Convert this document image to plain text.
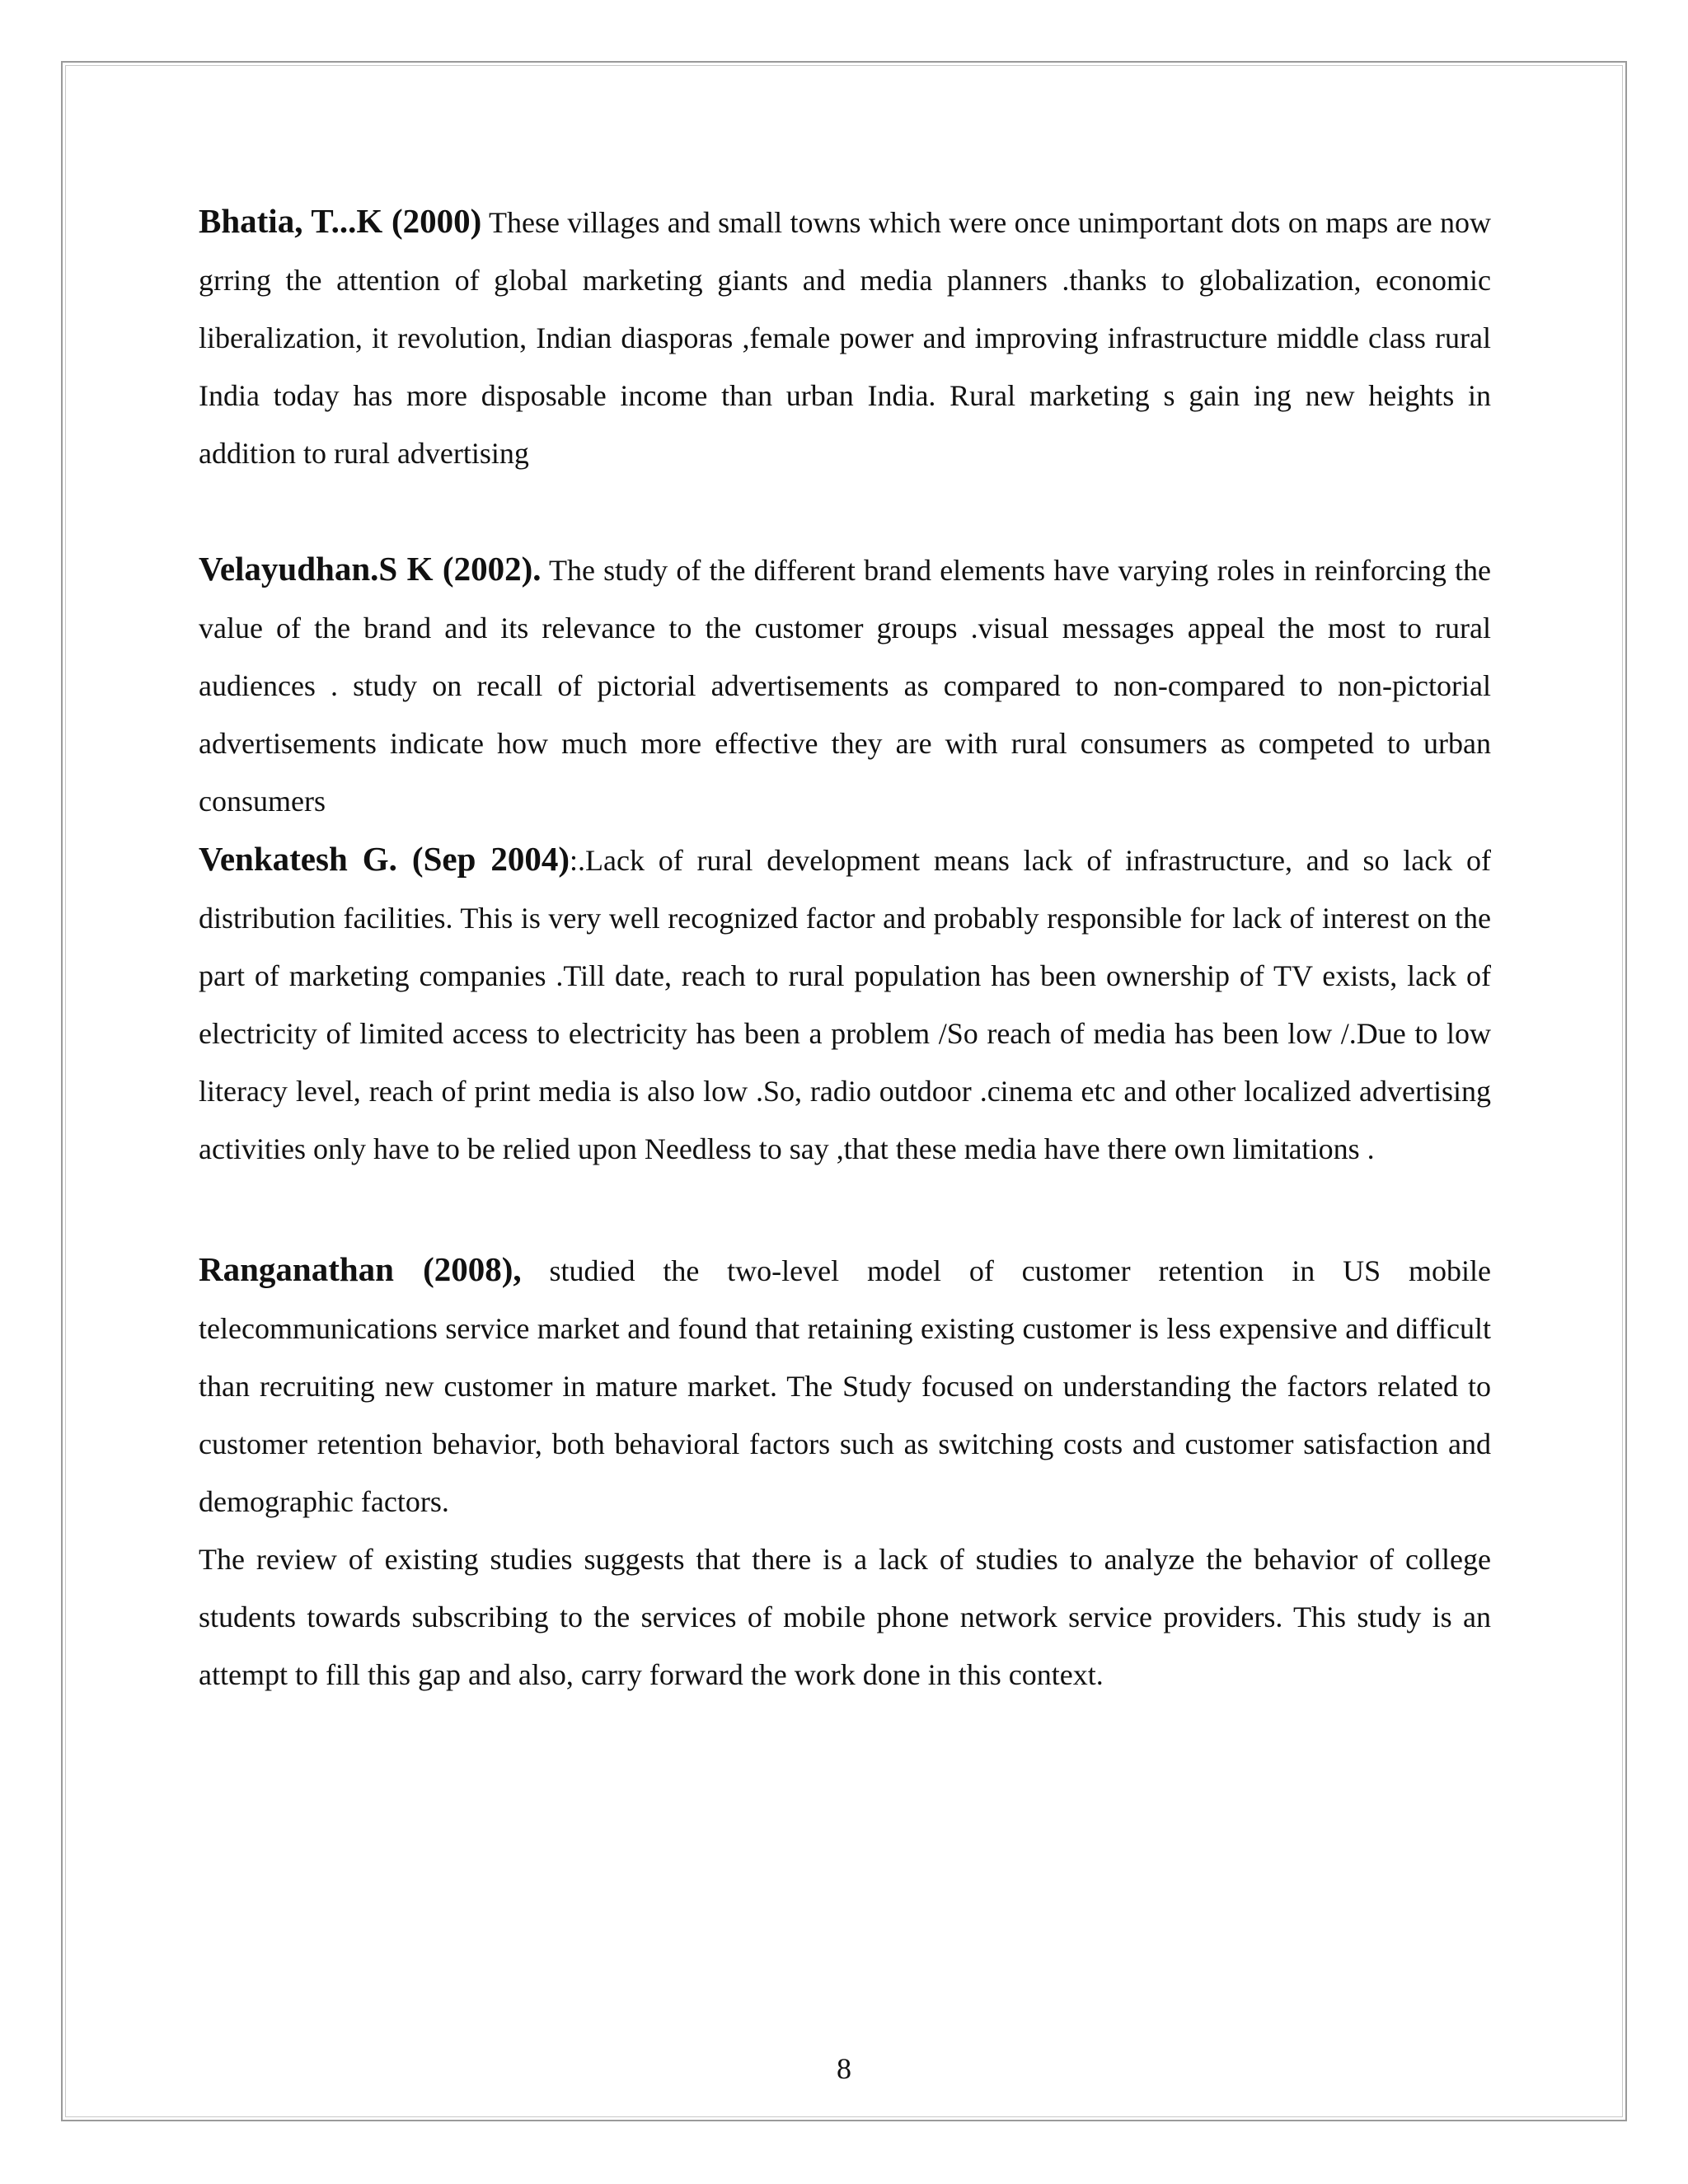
Bhatia, T...K (2000) These villages and small towns which were once unimportant dots on maps are now grring the attention of global marketing giants and media planners .thanks to globalization, economic liberalization, it revolution, Indian diasporas ,female power and improving infrastructure middle class rural India today has more disposable income than urban India. Rural marketing s gain ing new heights in addition to rural advertising

Velayudhan.S K (2002). The study of the different brand elements have varying roles in reinforcing the value of the brand and its relevance to the customer groups .visual messages appeal the most to rural audiences . study on recall of pictorial advertisements as compared to non-compared to non-pictorial advertisements indicate how much more effective they are with rural consumers as competed to urban consumers

Venkatesh G. (Sep 2004):.Lack of rural development means lack of infrastructure, and so lack of distribution facilities. This is very well recognized factor and probably responsible for lack of interest on the part of marketing companies .Till date, reach to rural population has been ownership of TV exists, lack of electricity of limited access to electricity has been a problem /So reach of media has been low /.Due to low literacy level, reach of print media is also low .So, radio outdoor .cinema etc and other localized advertising activities only have to be relied upon Needless to say ,that these media have there own limitations .

Ranganathan (2008), studied the two-level model of customer retention in US mobile telecommunications service market and found that retaining existing customer is less expensive and difficult than recruiting new customer in mature market. The Study focused on understanding the factors related to customer retention behavior, both behavioral factors such as switching costs and customer satisfaction and demographic factors.

The review of existing studies suggests that there is a lack of studies to analyze the behavior of college students towards subscribing to the services of mobile phone network service providers. This study is an attempt to fill this gap and also, carry forward the work done in this context.

8
